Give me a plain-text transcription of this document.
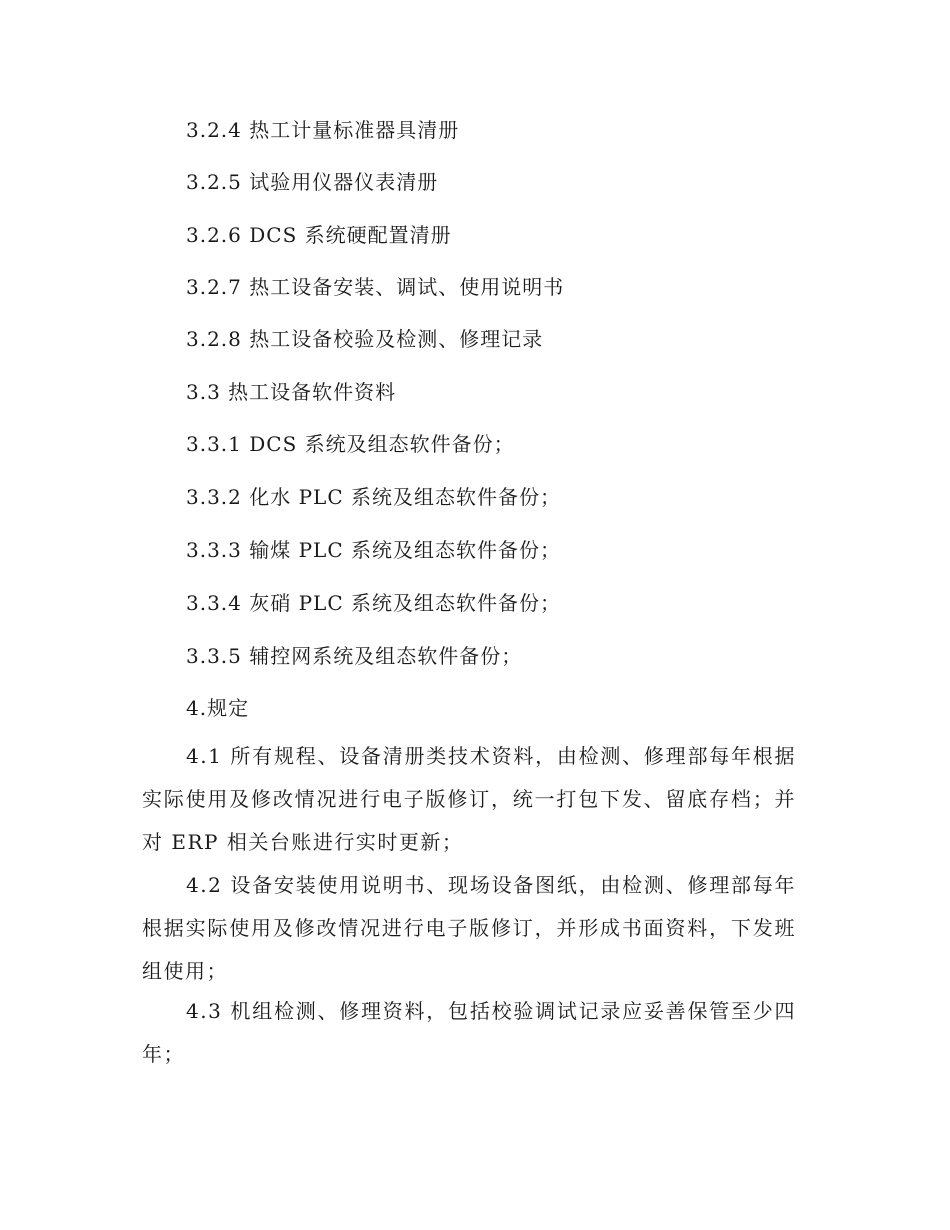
3.2.4 热工计量标准器具清册
3.2.5 试验用仪器仪表清册
3.2.6 DCS 系统硬配置清册
3.2.7 热工设备安装、调试、使用说明书
3.2.8 热工设备校验及检测、修理记录
3.3 热工设备软件资料
3.3.1 DCS 系统及组态软件备份；
3.3.2 化水 PLC 系统及组态软件备份；
3.3.3 输煤 PLC 系统及组态软件备份；
3.3.4 灰硝 PLC 系统及组态软件备份；
3.3.5 辅控网系统及组态软件备份；
4.规定

4.1 所有规程、设备清册类技术资料，由检测、修理部每年根据实际使用及修改情况进行电子版修订，统一打包下发、留底存档；并对 ERP 相关台账进行实时更新；

4.2 设备安装使用说明书、现场设备图纸，由检测、修理部每年根据实际使用及修改情况进行电子版修订，并形成书面资料，下发班组使用；

4.3 机组检测、修理资料，包括校验调试记录应妥善保管至少四年；
